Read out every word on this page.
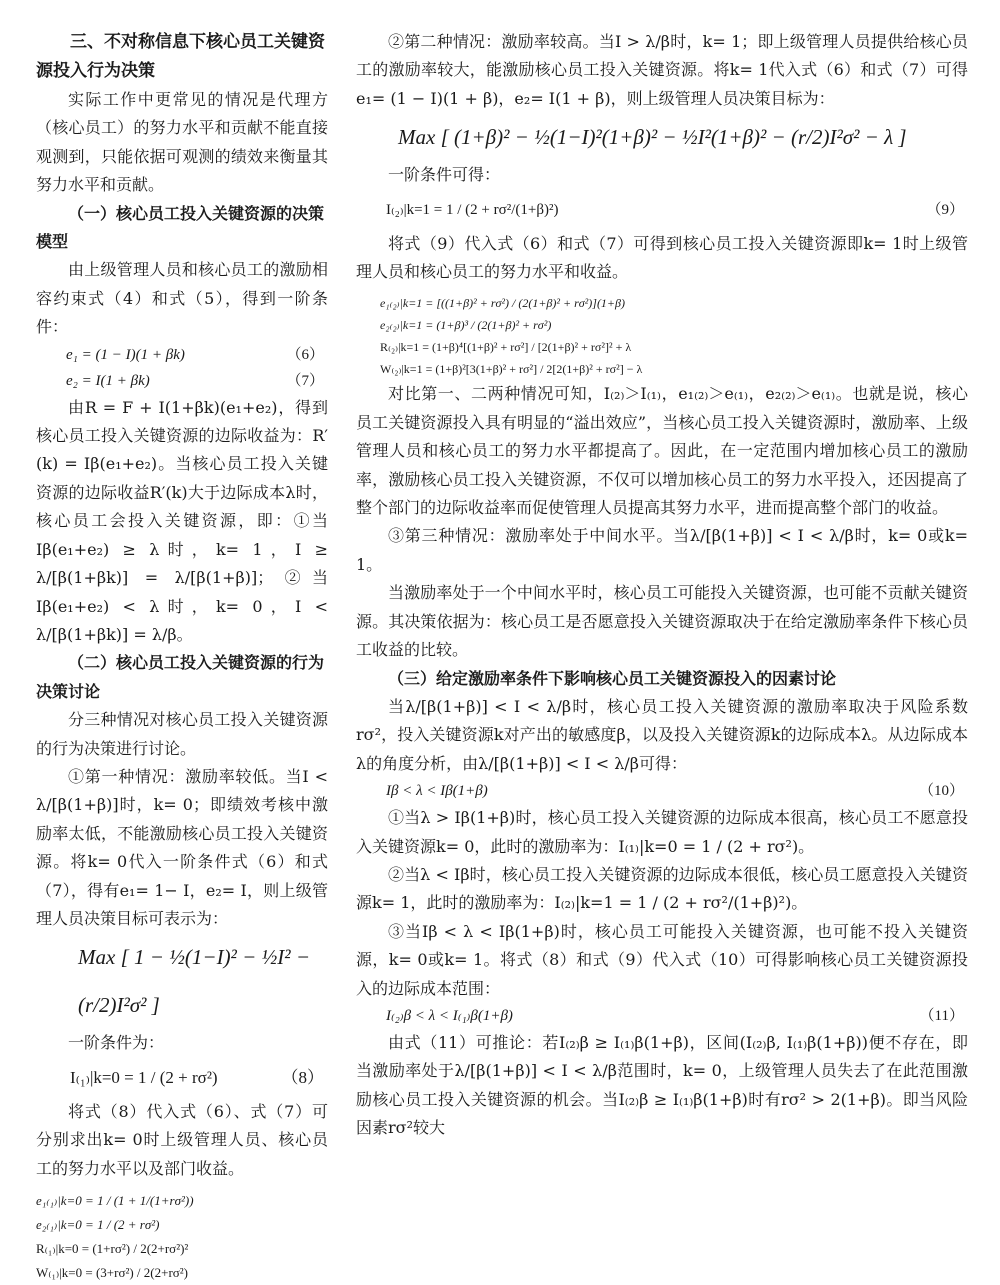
三、不对称信息下核心员工关键资源投入行为决策

实际工作中更常见的情况是代理方（核心员工）的努力水平和贡献不能直接观测到，只能依据可观测的绩效来衡量其努力水平和贡献。

（一）核心员工投入关键资源的决策模型

由上级管理人员和核心员工的激励相容约束式（4）和式（5），得到一阶条件：

e₁ = (1 − I)(1 + βk)	（6）
e₂ = I(1 + βk)	（7）

由R = F + I(1+βk)(e₁+e₂)，得到核心员工投入关键资源的边际收益为：R′(k) = Iβ(e₁+e₂)。当核心员工投入关键资源的边际收益R′(k)大于边际成本λ时，核心员工会投入关键资源，即：①当Iβ(e₁+e₂) ≥ λ时，k= 1，I ≥ λ/[β(1+βk)] = λ/[β(1+β)]；②当Iβ(e₁+e₂) < λ时，k= 0，I < λ/[β(1+βk)] = λ/β。

（二）核心员工投入关键资源的行为决策讨论

分三种情况对核心员工投入关键资源的行为决策进行讨论。

①第一种情况：激励率较低。当I < λ/[β(1+β)]时，k= 0；即绩效考核中激励率太低，不能激励核心员工投入关键资源。将k= 0代入一阶条件式（6）和式（7），得有e₁= 1− I，e₂= I，则上级管理人员决策目标可表示为：

Max [ 1 − ½(1−I)² − ½I² − (r/2)I²σ² ]

一阶条件为：

I₍₁₎|k=0 = 1 / (2 + rσ²)	（8）

将式（8）代入式（6）、式（7）可分别求出k= 0时上级管理人员、核心员工的努力水平以及部门收益。

e₁₍₁₎|k=0 = 1 / (1 + 1/(1+rσ²))
e₂₍₁₎|k=0 = 1 / (2 + rσ²)
R₍₁₎|k=0 = (1+rσ²) / 2(2+rσ²)²
W₍₁₎|k=0 = (3+rσ²) / 2(2+rσ²)

②第二种情况：激励率较高。当I > λ/β时，k= 1；即上级管理人员提供给核心员工的激励率较大，能激励核心员工投入关键资源。将k= 1代入式（6）和式（7）可得e₁= (1 − I)(1 + β)，e₂= I(1 + β)，则上级管理人员决策目标为：

Max [ (1+β)² − ½(1−I)²(1+β)² − ½I²(1+β)² − (r/2)I²σ² − λ ]

一阶条件可得：

I₍₂₎|k=1 = 1 / (2 + rσ²/(1+β)²)	（9）

将式（9）代入式（6）和式（7）可得到核心员工投入关键资源即k= 1时上级管理人员和核心员工的努力水平和收益。

e₁₍₂₎|k=1 = [((1+β)² + rσ²) / (2(1+β)² + rσ²)](1+β)
e₂₍₂₎|k=1 = (1+β)³ / (2(1+β)² + rσ²)
R₍₂₎|k=1 = (1+β)⁴[(1+β)² + rσ²] / [2(1+β)² + rσ²]² + λ
W₍₂₎|k=1 = (1+β)²[3(1+β)² + rσ²] / 2[2(1+β)² + rσ²] − λ

对比第一、二两种情况可知，I₍₂₎＞I₍₁₎，e₁₍₂₎＞e₍₁₎，e₂₍₂₎＞e₍₁₎。也就是说，核心员工关键资源投入具有明显的“溢出效应”，当核心员工投入关键资源时，激励率、上级管理人员和核心员工的努力水平都提高了。因此，在一定范围内增加核心员工的激励率，激励核心员工投入关键资源，不仅可以增加核心员工的努力水平投入，还因提高了整个部门的边际收益率而促使管理人员提高其努力水平，进而提高整个部门的收益。

③第三种情况：激励率处于中间水平。当λ/[β(1+β)] < I < λ/β时，k= 0或k= 1。

当激励率处于一个中间水平时，核心员工可能投入关键资源，也可能不贡献关键资源。其决策依据为：核心员工是否愿意投入关键资源取决于在给定激励率条件下核心员工收益的比较。

（三）给定激励率条件下影响核心员工关键资源投入的因素讨论

当λ/[β(1+β)] < I < λ/β时，核心员工投入关键资源的激励率取决于风险系数rσ²，投入关键资源k对产出的敏感度β，以及投入关键资源k的边际成本λ。从边际成本λ的角度分析，由λ/[β(1+β)] < I < λ/β可得：

Iβ < λ < Iβ(1+β)	（10）

①当λ > Iβ(1+β)时，核心员工投入关键资源的边际成本很高，核心员工不愿意投入关键资源k= 0，此时的激励率为：I₍₁₎|k=0 = 1 / (2 + rσ²)。

②当λ < Iβ时，核心员工投入关键资源的边际成本很低，核心员工愿意投入关键资源k= 1，此时的激励率为：I₍₂₎|k=1 = 1 / (2 + rσ²/(1+β)²)。

③当Iβ < λ < Iβ(1+β)时，核心员工可能投入关键资源，也可能不投入关键资源，k= 0或k= 1。将式（8）和式（9）代入式（10）可得影响核心员工关键资源投入的边际成本范围：

I₍₂₎β < λ < I₍₁₎β(1+β)	（11）

由式（11）可推论：若I₍₂₎β ≥ I₍₁₎β(1+β)，区间(I₍₂₎β, I₍₁₎β(1+β))便不存在，即当激励率处于λ/[β(1+β)] < I < λ/β范围时，k= 0，上级管理人员失去了在此范围激励核心员工投入关键资源的机会。当I₍₂₎β ≥ I₍₁₎β(1+β)时有rσ² > 2(1+β)。即当风险因素rσ²较大
